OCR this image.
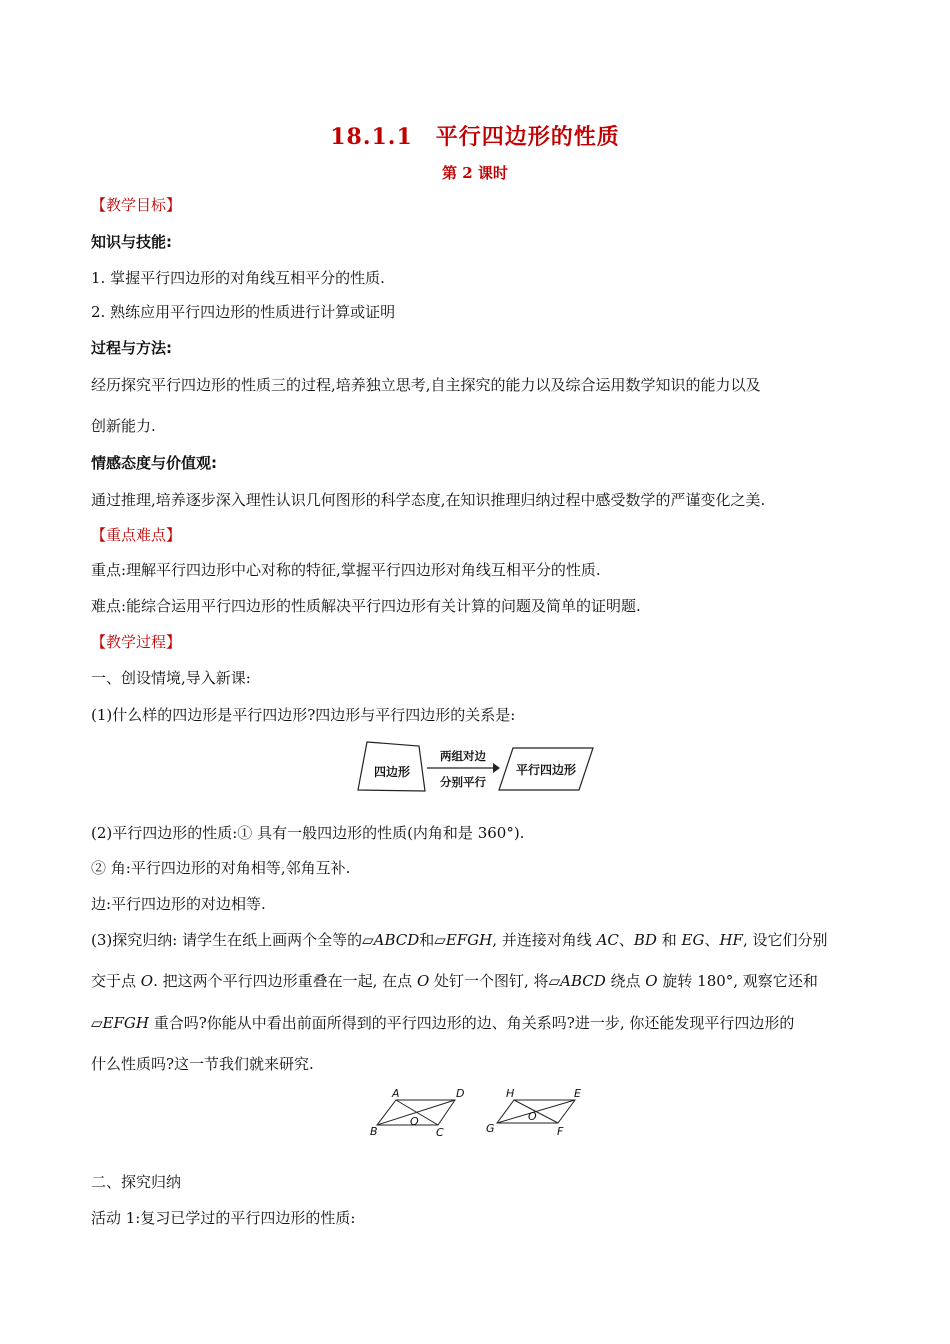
18.1.1　平行四边形的性质
第 2 课时
【教学目标】
知识与技能:
1. 掌握平行四边形的对角线互相平分的性质.
2. 熟练应用平行四边形的性质进行计算或证明
过程与方法:
经历探究平行四边形的性质三的过程,培养独立思考,自主探究的能力以及综合运用数学知识的能力以及
创新能力.
情感态度与价值观:
通过推理,培养逐步深入理性认识几何图形的科学态度,在知识推理归纳过程中感受数学的严谨变化之美.
【重点难点】
重点:理解平行四边形中心对称的特征,掌握平行四边形对角线互相平分的性质.
难点:能综合运用平行四边形的性质解决平行四边形有关计算的问题及简单的证明题.
【教学过程】
一、创设情境,导入新课:
(1)什么样的四边形是平行四边形?四边形与平行四边形的关系是:
四边形
两组对边
分别平行
平行四边形
(2)平行四边形的性质:① 具有一般四边形的性质(内角和是 360°).
② 角:平行四边形的对角相等,邻角互补.
边:平行四边形的对边相等.
(3)探究归纳: 请学生在纸上画两个全等的▱ABCD和▱EFGH, 并连接对角线 AC、BD 和 EG、HF, 设它们分别
交于点 O. 把这两个平行四边形重叠在一起, 在点 O 处钉一个图钉, 将▱ABCD 绕点 O 旋转 180°, 观察它还和
▱EFGH 重合吗?你能从中看出前面所得到的平行四边形的边、角关系吗?进一步, 你还能发现平行四边形的
什么性质吗?这一节我们就来研究.
A	D
B	C
O
H	E
G	F
O
二、探究归纳
活动 1:复习已学过的平行四边形的性质:
